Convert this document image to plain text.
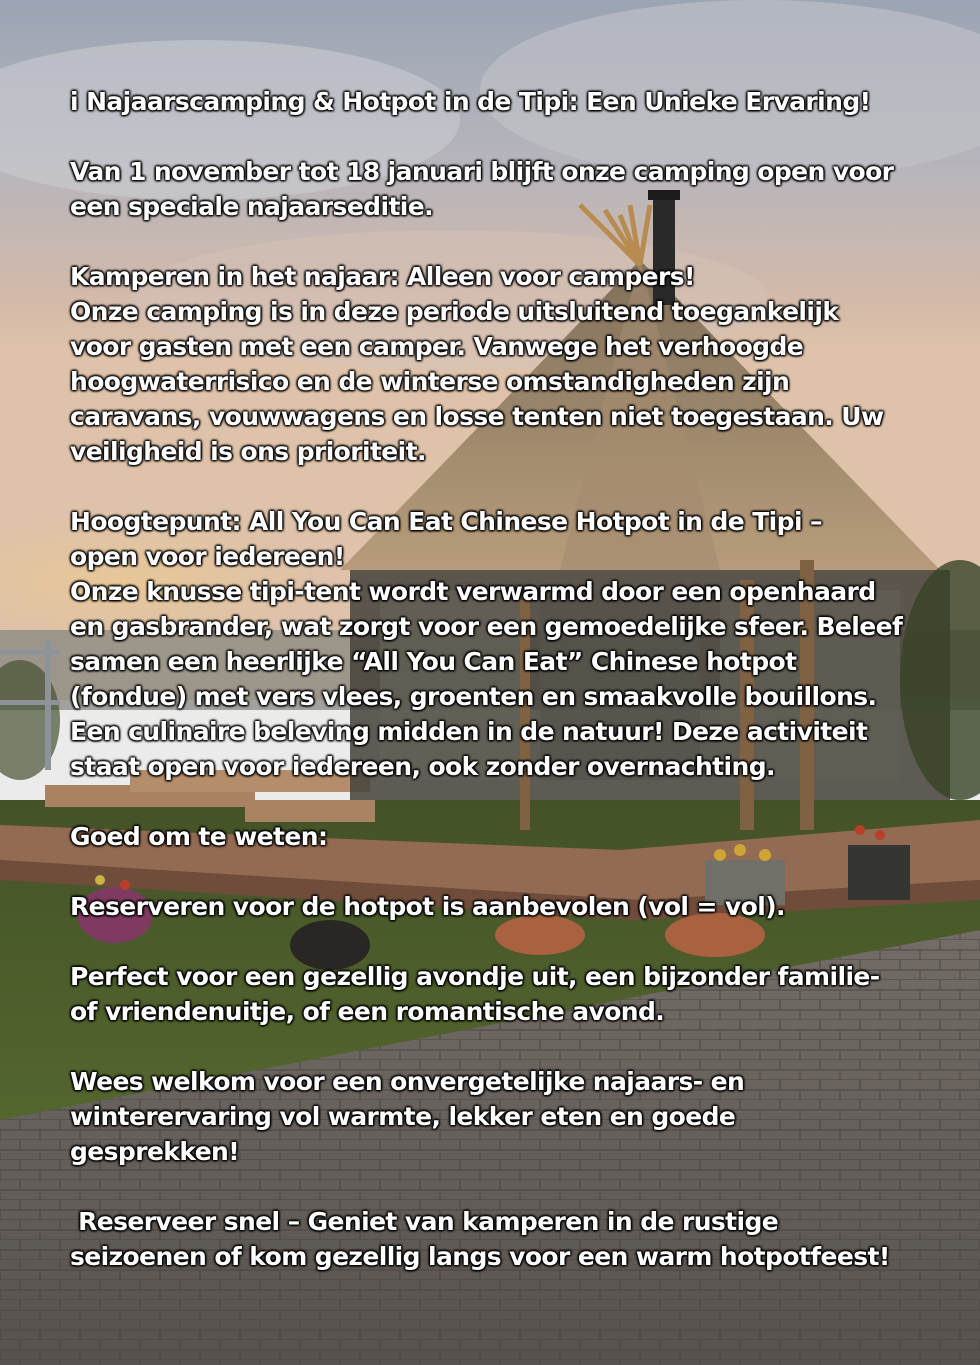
i Najaarscamping & Hotpot in de Tipi: Een Unieke Ervaring!
Van 1 november tot 18 januari blijft onze camping open voor
een speciale najaarseditie.
Kamperen in het najaar: Alleen voor campers!
Onze camping is in deze periode uitsluitend toegankelijk
voor gasten met een camper. Vanwege het verhoogde
hoogwaterrisico en de winterse omstandigheden zijn
caravans, vouwwagens en losse tenten niet toegestaan. Uw
veiligheid is ons prioriteit.
Hoogtepunt: All You Can Eat Chinese Hotpot in de Tipi –
open voor iedereen!
Onze knusse tipi-tent wordt verwarmd door een openhaard
en gasbrander, wat zorgt voor een gemoedelijke sfeer. Beleef
samen een heerlijke “All You Can Eat” Chinese hotpot
(fondue) met vers vlees, groenten en smaakvolle bouillons.
Een culinaire beleving midden in de natuur! Deze activiteit
staat open voor iedereen, ook zonder overnachting.
Goed om te weten:
Reserveren voor de hotpot is aanbevolen (vol = vol).
Perfect voor een gezellig avondje uit, een bijzonder familie-
of vriendenuitje, of een romantische avond.
Wees welkom voor een onvergetelijke najaars- en
winterervaring vol warmte, lekker eten en goede
gesprekken!
Reserveer snel – Geniet van kamperen in de rustige
seizoenen of kom gezellig langs voor een warm hotpotfeest!
